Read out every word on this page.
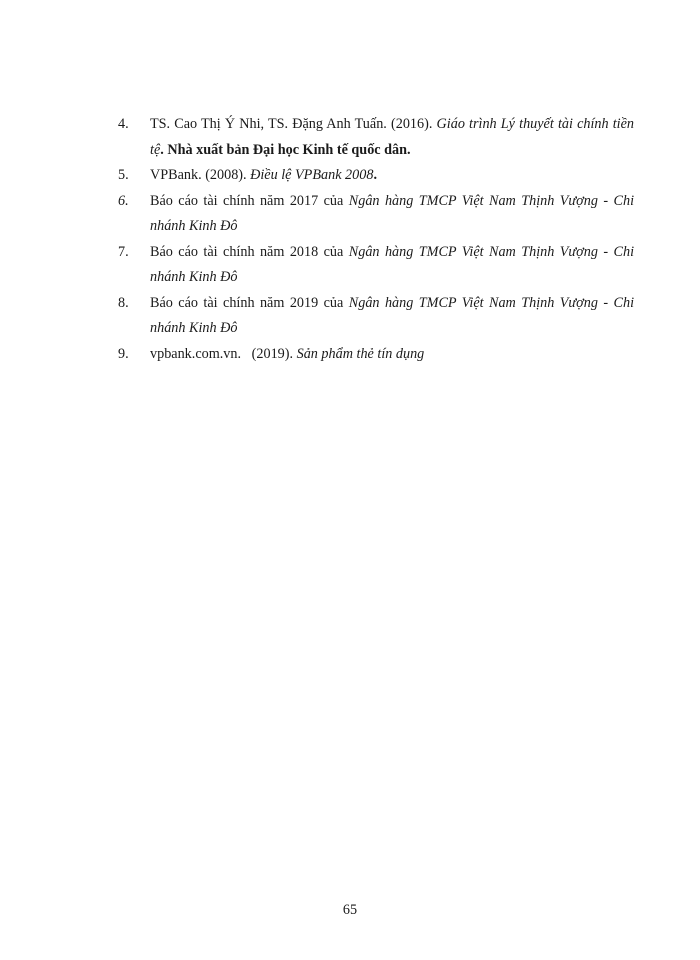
4. TS. Cao Thị Ý Nhi, TS. Đặng Anh Tuấn. (2016). Giáo trình Lý thuyết tài chính tiền tệ. Nhà xuất bản Đại học Kinh tế quốc dân.
5. VPBank. (2008). Điều lệ VPBank 2008.
6. Báo cáo tài chính năm 2017 của Ngân hàng TMCP Việt Nam Thịnh Vượng - Chi nhánh Kinh Đô
7. Báo cáo tài chính năm 2018 của Ngân hàng TMCP Việt Nam Thịnh Vượng - Chi nhánh Kinh Đô
8. Báo cáo tài chính năm 2019 của Ngân hàng TMCP Việt Nam Thịnh Vượng - Chi nhánh Kinh Đô
9. vpbank.com.vn. (2019). Sản phẩm thẻ tín dụng
65
